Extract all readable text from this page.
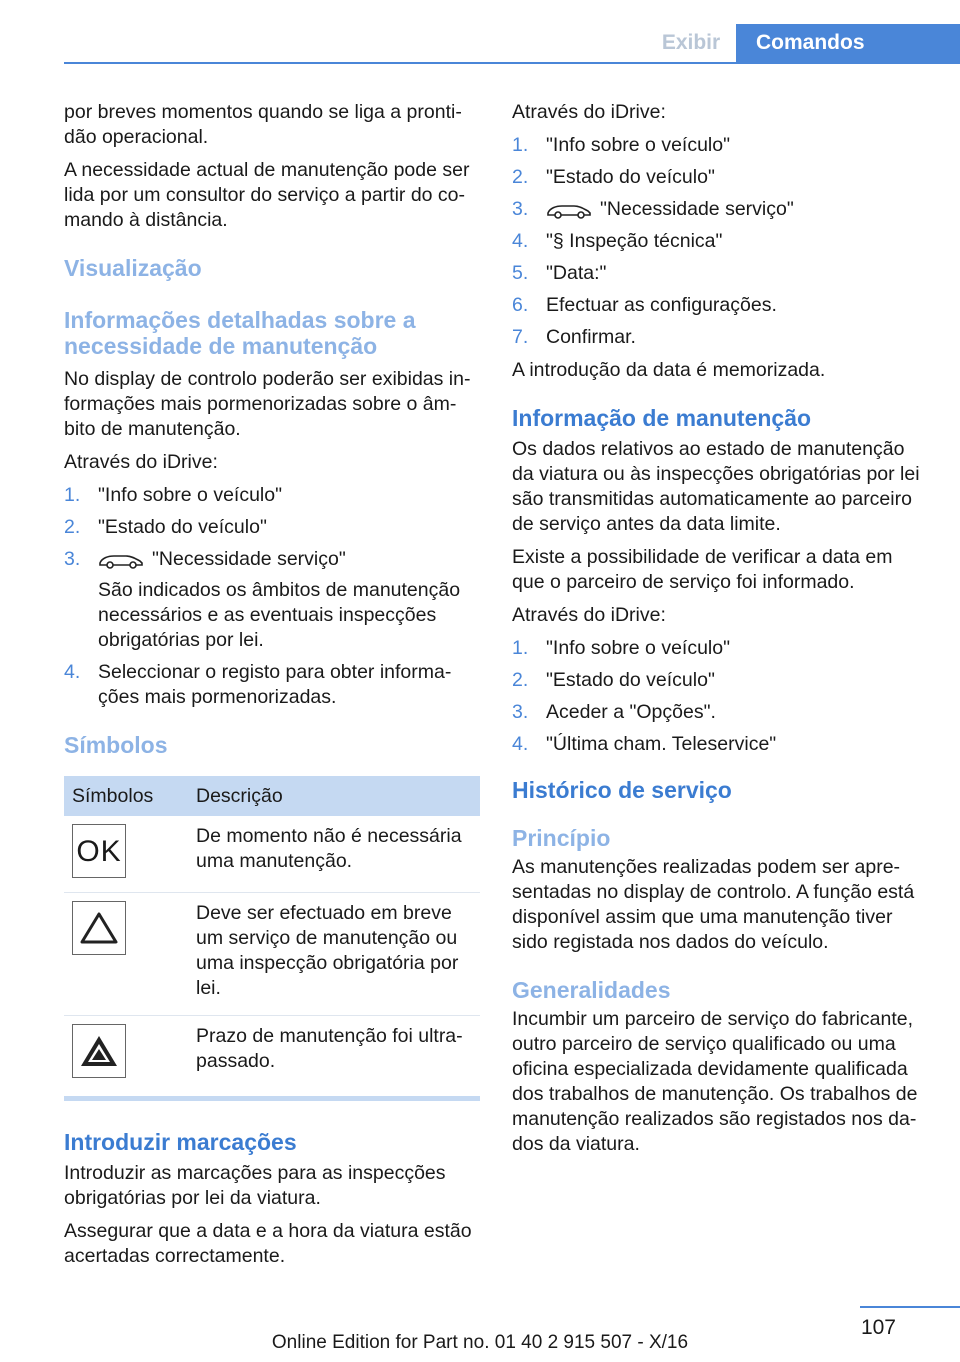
Exibir	Comandos

por breves momentos quando se liga a pronti-dão operacional.

A necessidade actual de manutenção pode ser lida por um consultor do serviço a partir do co-mando à distância.

Visualização
Informações detalhadas sobre a necessidade de manutenção

No display de controlo poderão ser exibidas in-formações mais pormenorizadas sobre o âm-bito de manutenção.

Através do iDrive:

1. "Info sobre o veículo"
2. "Estado do veículo"
3.	"Necessidade serviço"
São indicados os âmbitos de manutenção necessários e as eventuais inspecções obrigatórias por lei.
4. Seleccionar o registo para obter informa-ções mais pormenorizadas.
Símbolos
Símbolos	Descrição

OK	De momento não é necessária uma manutenção.

	Deve ser efectuado em breve um serviço de manutenção ou uma inspecção obrigatória por lei.

	Prazo de manutenção foi ultra-passado.
Introduzir marcações

Introduzir as marcações para as inspecções obrigatórias por lei da viatura.

Assegurar que a data e a hora da viatura estão acertadas correctamente.

Através do iDrive:

1. "Info sobre o veículo"
2. "Estado do veículo"
3.	"Necessidade serviço"
4. "§ Inspeção técnica"
5. "Data:"
6. Efectuar as configurações.
7. Confirmar.

A introdução da data é memorizada.

Informação de manutenção

Os dados relativos ao estado de manutenção da viatura ou às inspecções obrigatórias por lei são transmitidas automaticamente ao parceiro de serviço antes da data limite.

Existe a possibilidade de verificar a data em que o parceiro de serviço foi informado.

Através do iDrive:

1. "Info sobre o veículo"
2. "Estado do veículo"
3. Aceder a "Opções".
4. "Última cham. Teleservice"
Histórico de serviço
Princípio

As manutenções realizadas podem ser apre-sentadas no display de controlo. A função está disponível assim que uma manutenção tiver sido registada nos dados do veículo.

Generalidades

Incumbir um parceiro de serviço do fabricante, outro parceiro de serviço qualificado ou uma oficina especializada devidamente qualificada dos trabalhos de manutenção. Os trabalhos de manutenção realizados são registados nos da-dos da viatura.

107
Online Edition for Part no. 01 40 2 915 507 - X/16
